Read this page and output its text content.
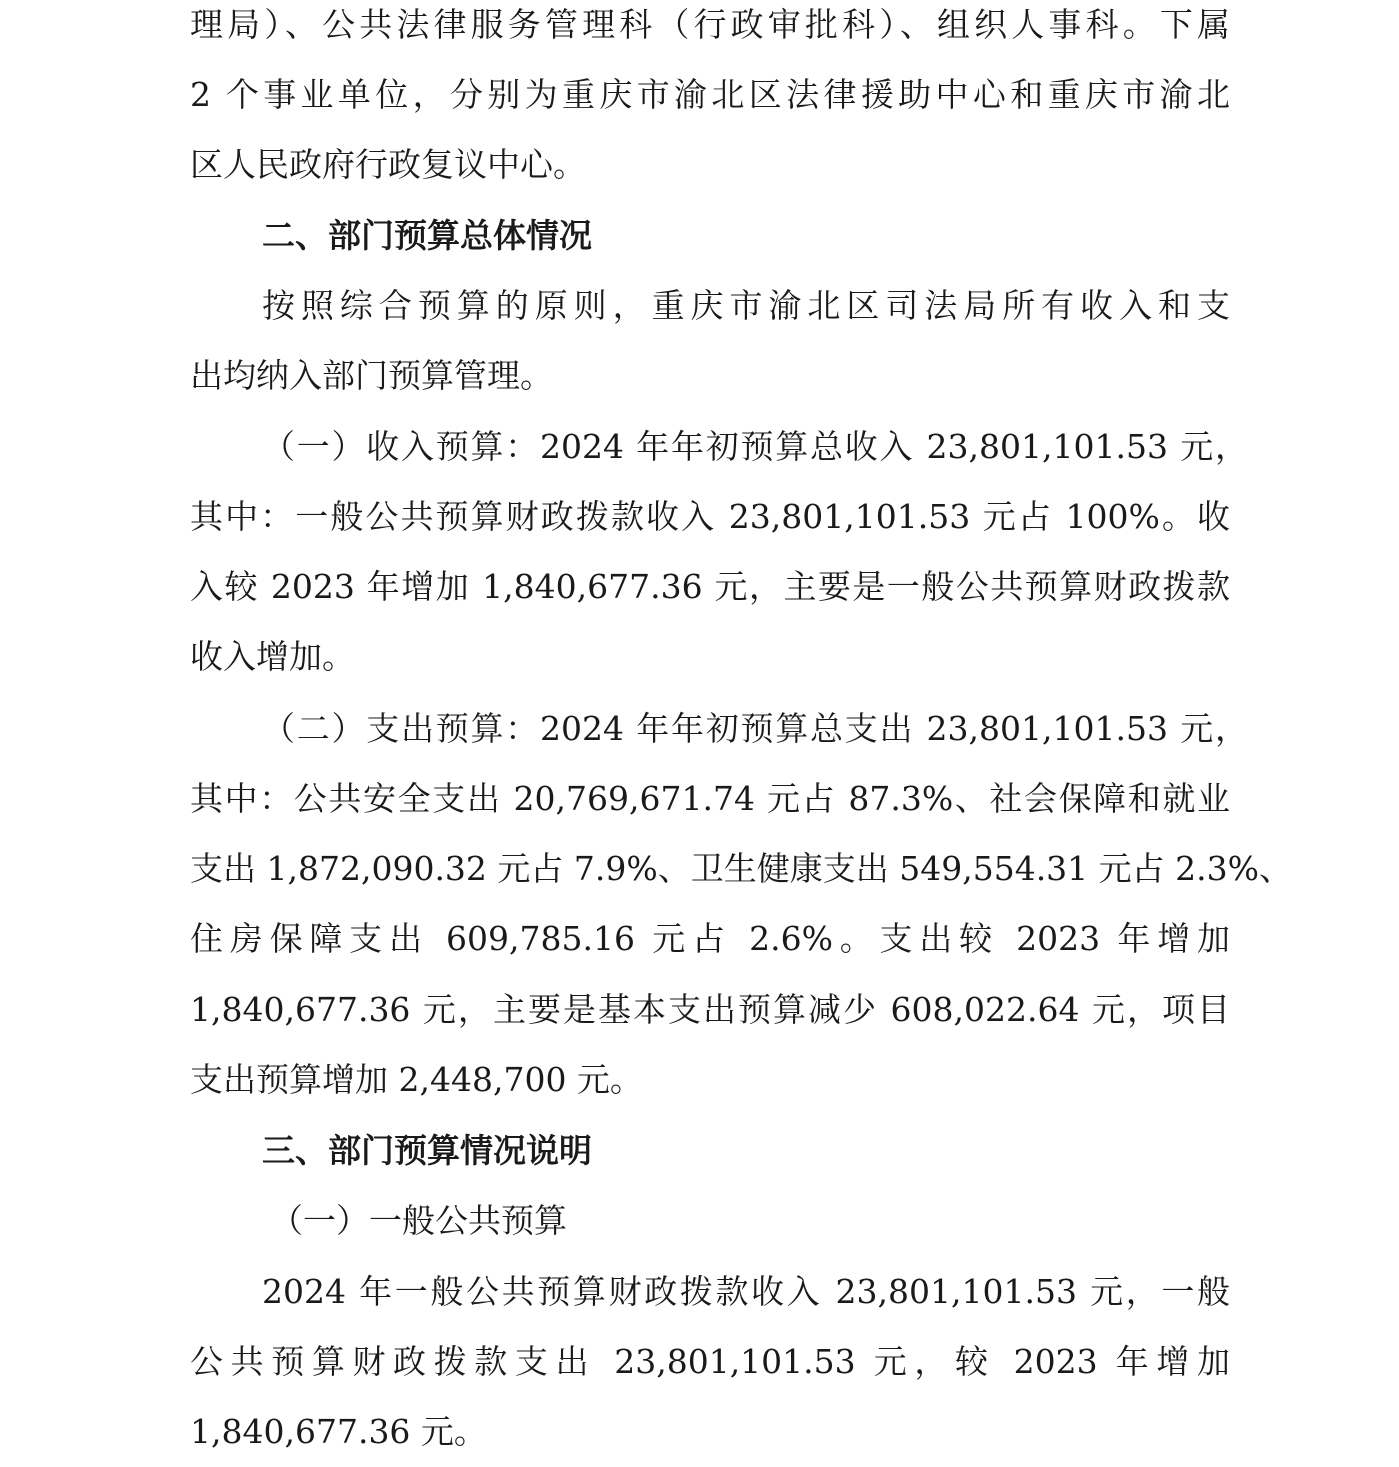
理局）、公共法律服务管理科（行政审批科）、组织人事科。下属
2 个事业单位，分别为重庆市渝北区法律援助中心和重庆市渝北
区人民政府行政复议中心。
二、部门预算总体情况
按照综合预算的原则，重庆市渝北区司法局所有收入和支
出均纳入部门预算管理。
（一）收入预算：2024 年年初预算总收入 23,801,101.53 元，
其中：一般公共预算财政拨款收入 23,801,101.53 元占 100%。收
入较 2023 年增加 1,840,677.36 元，主要是一般公共预算财政拨款
收入增加。
（二）支出预算：2024 年年初预算总支出 23,801,101.53 元，
其中：公共安全支出 20,769,671.74 元占 87.3%、社会保障和就业
支出 1,872,090.32 元占 7.9%、卫生健康支出 549,554.31 元占 2.3%、
住房保障支出 609,785.16 元占 2.6%。支出较 2023 年增加
1,840,677.36 元，主要是基本支出预算减少 608,022.64 元，项目
支出预算增加 2,448,700 元。
三、部门预算情况说明
（一）一般公共预算
2024 年一般公共预算财政拨款收入 23,801,101.53 元，一般
公共预算财政拨款支出 23,801,101.53 元，较 2023 年增加
1,840,677.36 元。
